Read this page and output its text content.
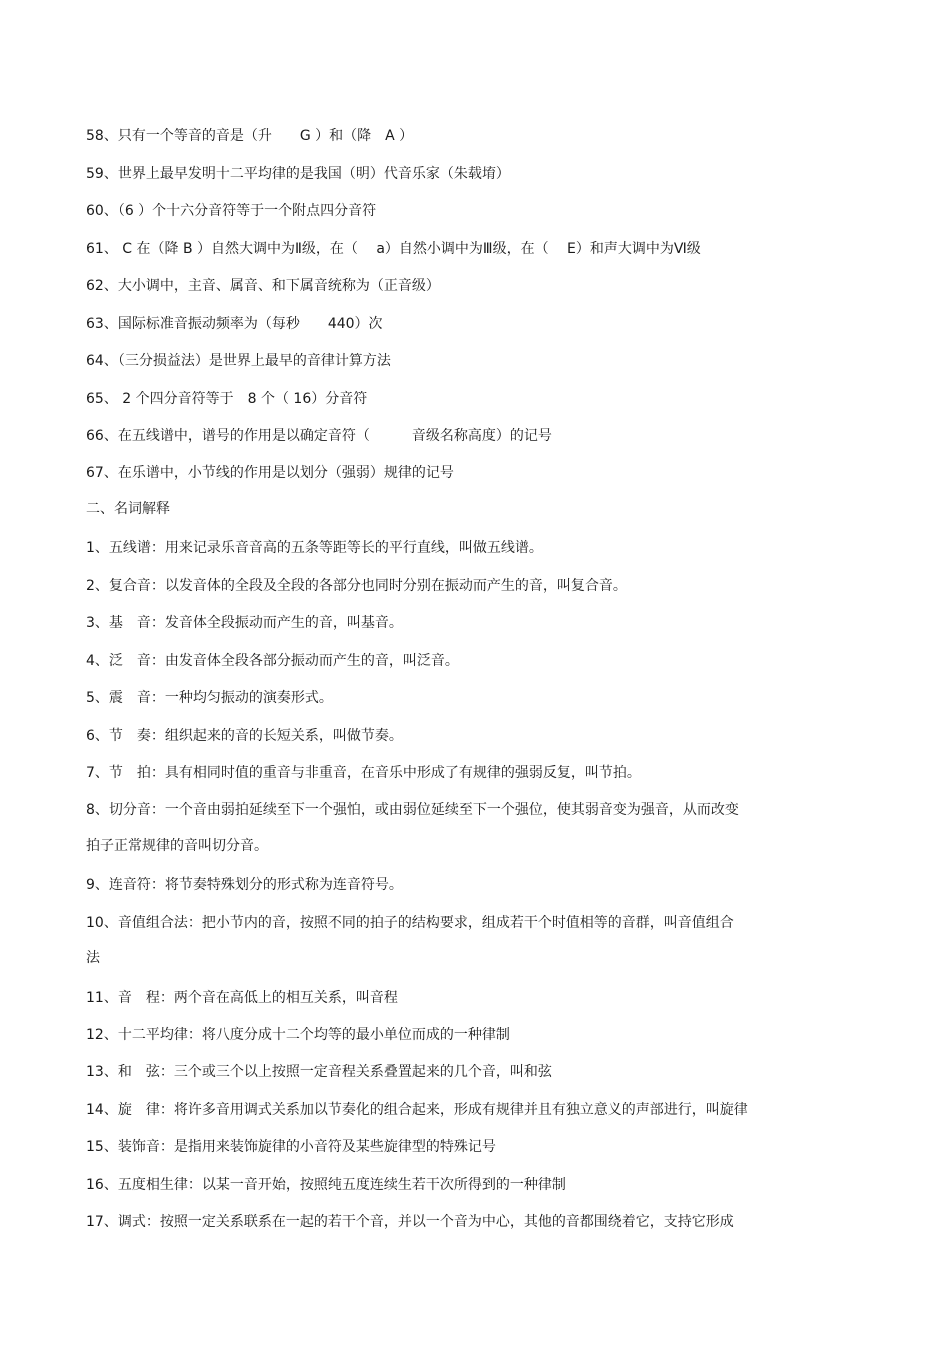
58、只有一个等音的音是（升　　G ）和（降　A ）
59、世界上最早发明十二平均律的是我国（明）代音乐家（朱载堉）
60、（6 ）个十六分音符等于一个附点四分音符
61、 C 在（降 B ）自然大调中为Ⅱ级，在（　 a）自然小调中为Ⅲ级，在（　 E）和声大调中为Ⅵ级
62、大小调中，主音、属音、和下属音统称为（正音级）
63、国际标准音振动频率为（每秒　　440）次
64、（三分损益法）是世界上最早的音律计算方法
65、 2 个四分音符等于　8 个（ 16）分音符
66、在五线谱中，谱号的作用是以确定音符（　　　音级名称高度）的记号
67、在乐谱中，小节线的作用是以划分（强弱）规律的记号
二、名词解释
1、五线谱：用来记录乐音音高的五条等距等长的平行直线，叫做五线谱。
2、复合音：以发音体的全段及全段的各部分也同时分别在振动而产生的音，叫复合音。
3、基　音：发音体全段振动而产生的音，叫基音。
4、泛　音：由发音体全段各部分振动而产生的音，叫泛音。
5、震　音：一种均匀振动的演奏形式。
6、节　奏：组织起来的音的长短关系，叫做节奏。
7、节　拍：具有相同时值的重音与非重音，在音乐中形成了有规律的强弱反复，叫节拍。
8、切分音：一个音由弱拍延续至下一个强怕，或由弱位延续至下一个强位，使其弱音变为强音，从而改变
拍子正常规律的音叫切分音。
9、连音符：将节奏特殊划分的形式称为连音符号。
10、音值组合法：把小节内的音，按照不同的拍子的结构要求，组成若干个时值相等的音群，叫音值组合
法
11、音　程：两个音在高低上的相互关系，叫音程
12、十二平均律：将八度分成十二个均等的最小单位而成的一种律制
13、和　弦：三个或三个以上按照一定音程关系叠置起来的几个音，叫和弦
14、旋　律：将许多音用调式关系加以节奏化的组合起来，形成有规律并且有独立意义的声部进行，叫旋律
15、装饰音：是指用来装饰旋律的小音符及某些旋律型的特殊记号
16、五度相生律：以某一音开始，按照纯五度连续生若干次所得到的一种律制
17、调式：按照一定关系联系在一起的若干个音，并以一个音为中心，其他的音都围绕着它，支持它形成
